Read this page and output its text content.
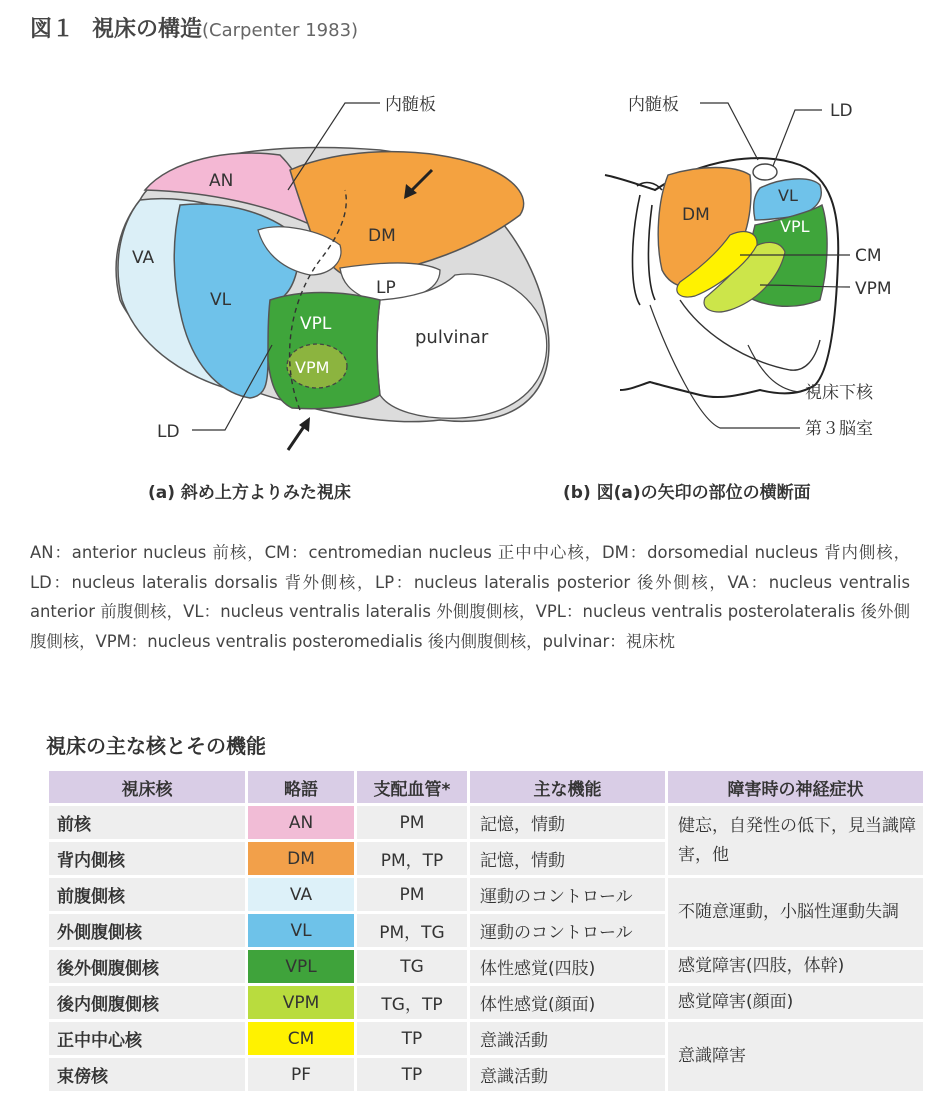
図１ 視床の構造(Carpenter 1983)
AN
DM
VA
VL
LP
VPL
VPM
pulvinar
LD
内髄板	内髄板	LD
VL
DM
VPL
CM
VPM
視床下核
第３脳室
(a) 斜め上方よりみた視床	(b) 図(a)の矢印の部位の横断面
AN：anterior nucleus 前核，CM：centromedian nucleus 正中中心核，DM：dorsomedial nucleus 背内側核，LD：nucleus lateralis dorsalis 背外側核，LP：nucleus lateralis posterior 後外側核，VA：nucleus ventralis anterior 前腹側核，VL：nucleus ventralis lateralis 外側腹側核，VPL：nucleus ventralis posterolateralis 後外側腹側核，VPM：nucleus ventralis posteromedialis 後内側腹側核，pulvinar：視床枕
視床の主な核とその機能
視床核	略語	支配血管*	主な機能	障害時の神経症状
前核	AN	PM	記憶，情動	健忘，自発性の低下，見当識障害，他
背内側核	DM	PM，TP	記憶，情動	
前腹側核	VA	PM	運動のコントロール	不随意運動，小脳性運動失調
外側腹側核	VL	PM，TG	運動のコントロール	
後外側腹側核	VPL	TG	体性感覚(四肢)	感覚障害(四肢，体幹)
後内側腹側核	VPM	TG，TP	体性感覚(顔面)	感覚障害(顔面)
正中中心核	CM	TP	意識活動	意識障害
束傍核	PF	TP	意識活動	
